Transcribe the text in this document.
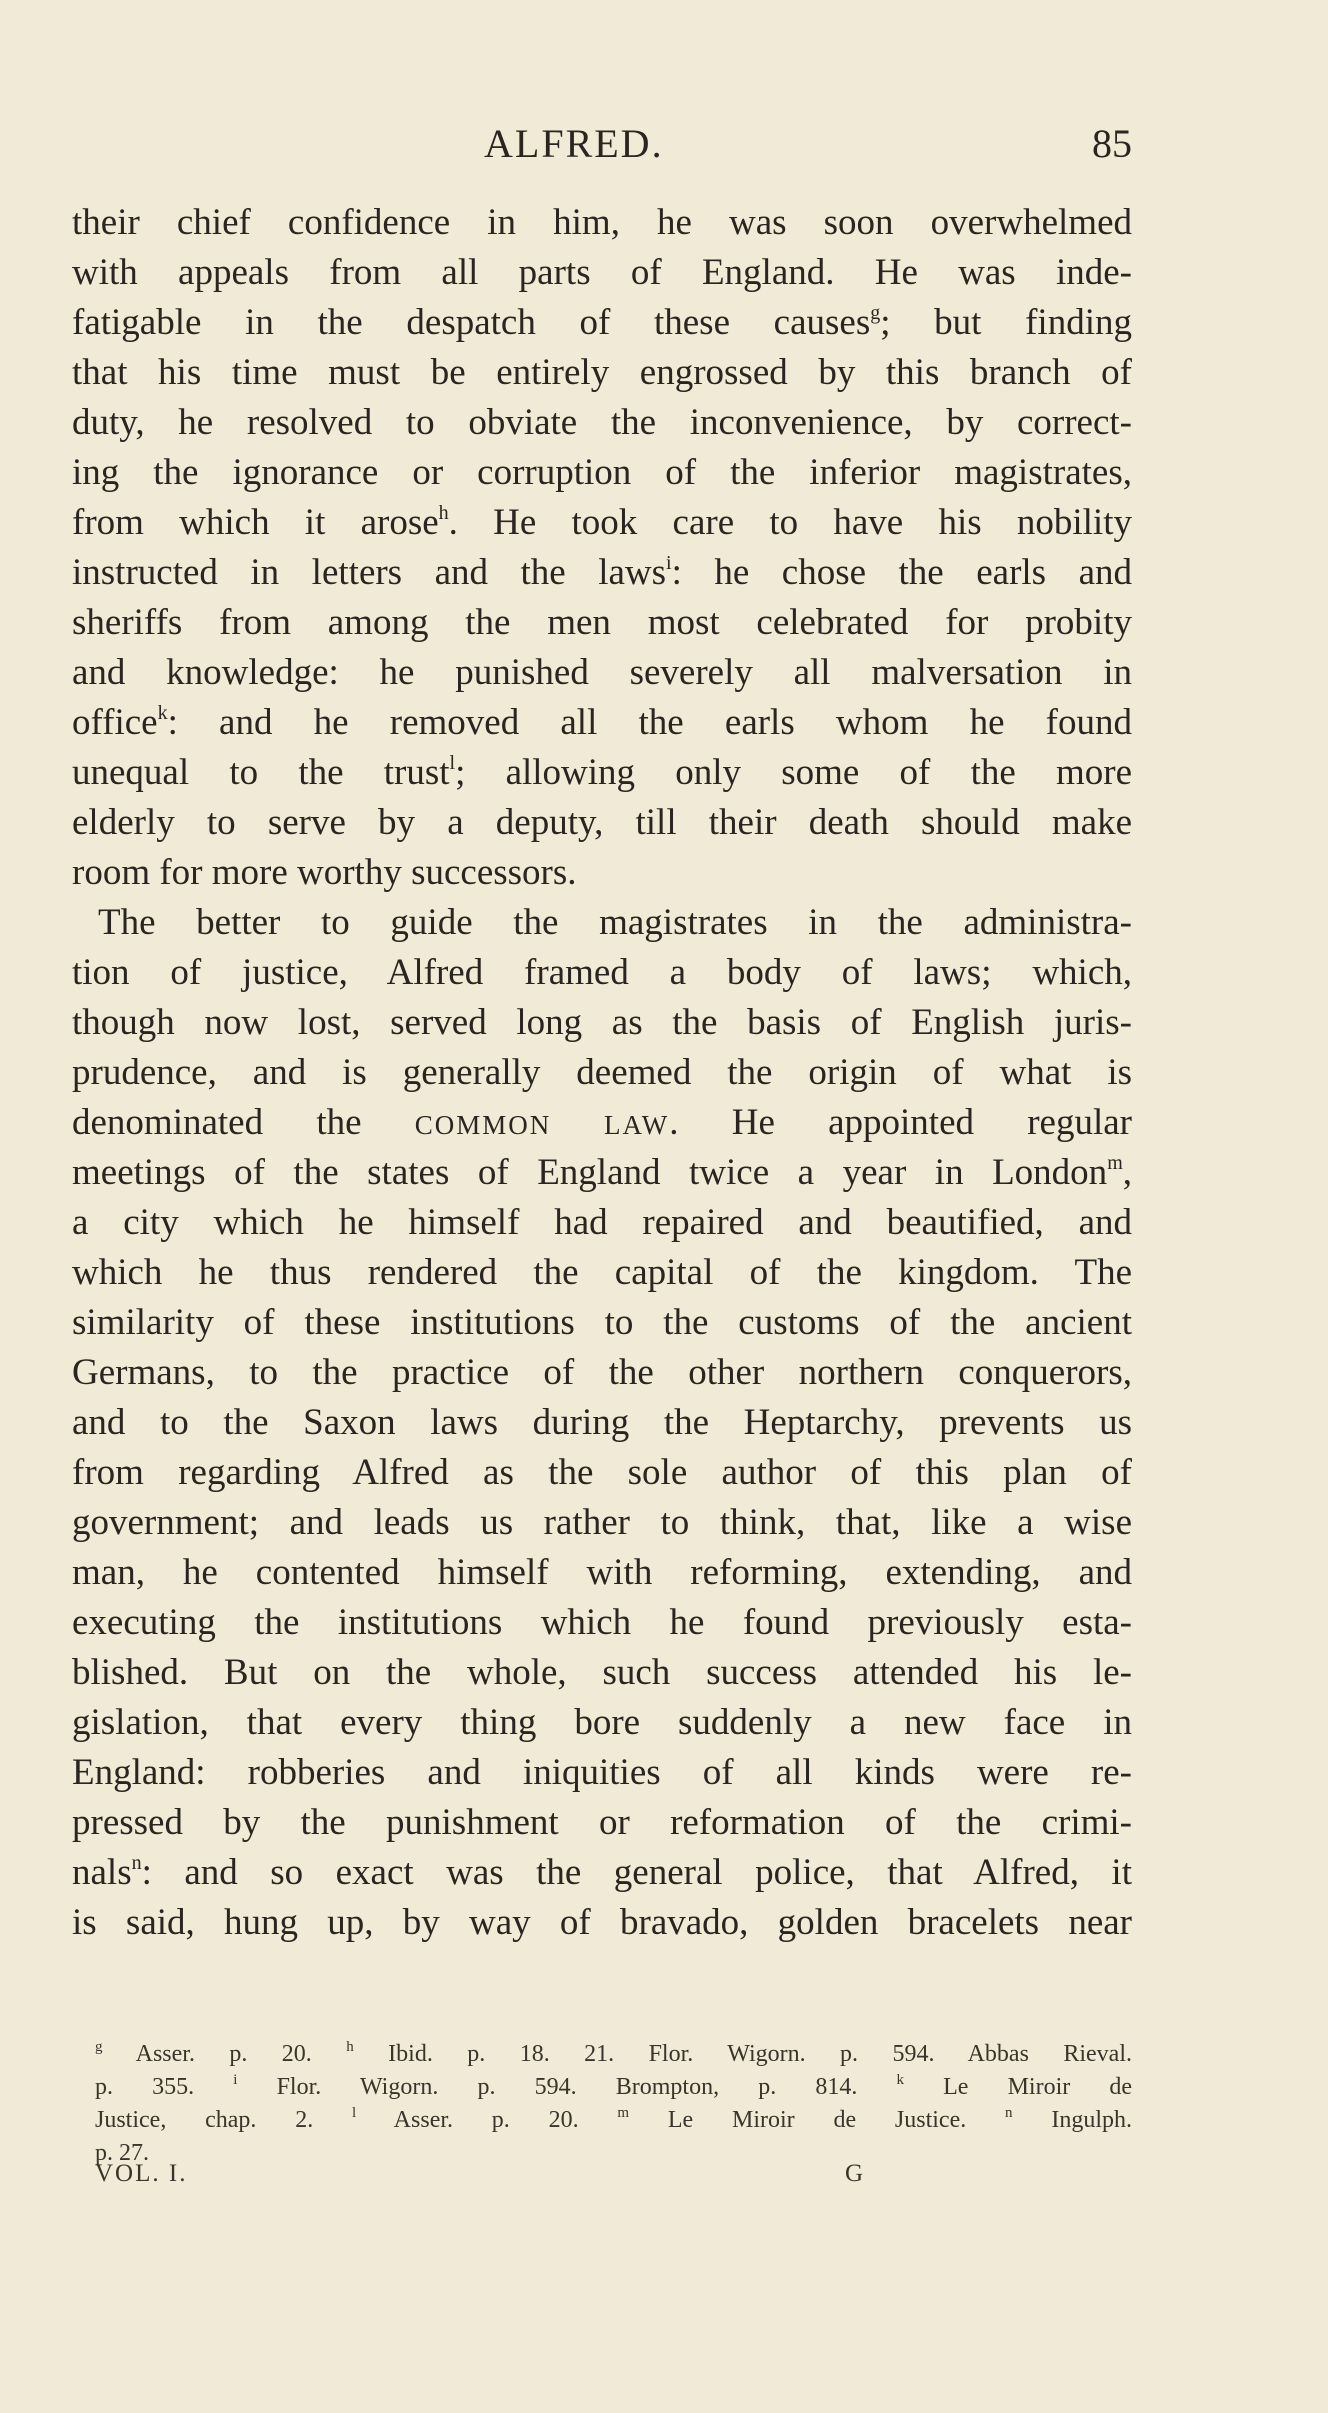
ALFRED.	85
their chief confidence in him, he was soon overwhelmed
with appeals from all parts of England. He was inde-
fatigable in the despatch of these causes$^g$; but finding
that his time must be entirely engrossed by this branch of
duty, he resolved to obviate the inconvenience, by correct-
ing the ignorance or corruption of the inferior magistrates,
from which it arose$^h$. He took care to have his nobility
instructed in letters and the laws$^i$: he chose the earls and
sheriffs from among the men most celebrated for probity
and knowledge: he punished severely all malversation in
office$^k$: and he removed all the earls whom he found
unequal to the trust$^l$; allowing only some of the more
elderly to serve by a deputy, till their death should make
room for more worthy successors.
The better to guide the magistrates in the administra-
tion of justice, Alfred framed a body of laws; which,
though now lost, served long as the basis of English juris-
prudence, and is generally deemed the origin of what is
denominated the COMMON LAW. He appointed regular
meetings of the states of England twice a year in London$^m$,
a city which he himself had repaired and beautified, and
which he thus rendered the capital of the kingdom. The
similarity of these institutions to the customs of the ancient
Germans, to the practice of the other northern conquerors,
and to the Saxon laws during the Heptarchy, prevents us
from regarding Alfred as the sole author of this plan of
government; and leads us rather to think, that, like a wise
man, he contented himself with reforming, extending, and
executing the institutions which he found previously esta-
blished. But on the whole, such success attended his le-
gislation, that every thing bore suddenly a new face in
England: robberies and iniquities of all kinds were re-
pressed by the punishment or reformation of the crimi-
nals$^n$: and so exact was the general police, that Alfred, it
is said, hung up, by way of bravado, golden bracelets near
$^g$ Asser. p. 20. $^h$ Ibid. p. 18. 21. Flor. Wigorn. p. 594. Abbas Rieval.
p. 355. $^i$ Flor. Wigorn. p. 594. Brompton, p. 814. $^k$ Le Miroir de
Justice, chap. 2. $^l$ Asser. p. 20. $^m$ Le Miroir de Justice. $^n$ Ingulph.
p. 27.
VOL. I.	G
